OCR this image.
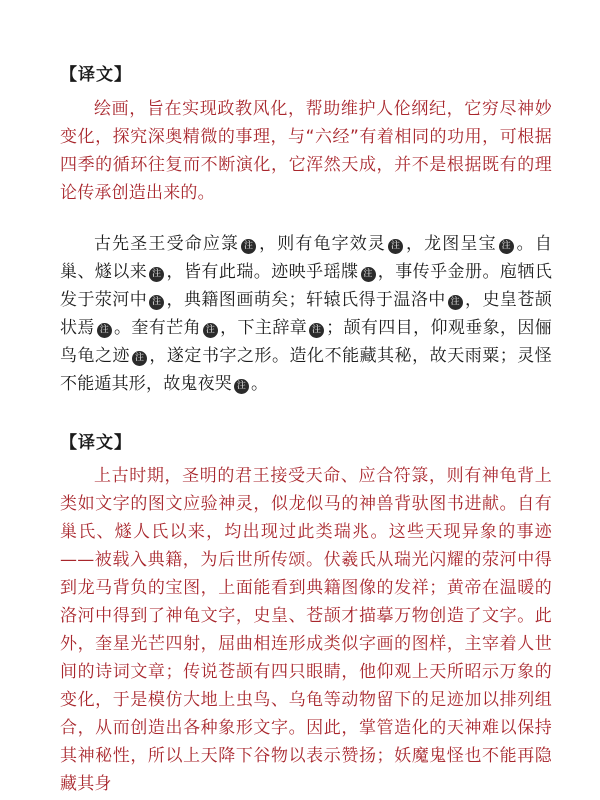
【译文】

绘画，旨在实现政教风化，帮助维护人伦纲纪，它穷尽神妙变化，探究深奥精微的事理，与“六经”有着相同的功用，可根据四季的循环往复而不断演化，它浑然天成，并不是根据既有的理论传承创造出来的。

古先圣王受命应箓 注 ，则有龟字效灵 注 ，龙图呈宝 注 。自巢、燧以来 注 ，皆有此瑞。迹映乎瑶牒 注 ，事传乎金册。庖牺氏发于荥河中 注 ，典籍图画萌矣；轩辕氏得于温洛中 注 ，史皇苍颉状焉 注 。奎有芒角 注 ，下主辞章 注 ；颉有四目，仰观垂象，因俪鸟龟之迹 注 ，遂定书字之形。造化不能藏其秘，故天雨粟；灵怪不能遁其形，故鬼夜哭 注 。

【译文】

上古时期，圣明的君王接受天命、应合符箓，则有神龟背上类如文字的图文应验神灵，似龙似马的神兽背驮图书进献。自有巢氏、燧人氏以来，均出现过此类瑞兆。这些天现异象的事迹——被载入典籍，为后世所传颂。伏羲氏从瑞光闪耀的荥河中得到龙马背负的宝图，上面能看到典籍图像的发祥；黄帝在温暖的洛河中得到了神龟文字，史皇、苍颉才描摹万物创造了文字。此外，奎星光芒四射，屈曲相连形成类似字画的图样，主宰着人世间的诗词文章；传说苍颉有四只眼睛，他仰观上天所昭示万象的变化，于是模仿大地上虫鸟、乌龟等动物留下的足迹加以排列组合，从而创造出各种象形文字。因此，掌管造化的天神难以保持其神秘性，所以上天降下谷物以表示赞扬；妖魔鬼怪也不能再隐藏其身
